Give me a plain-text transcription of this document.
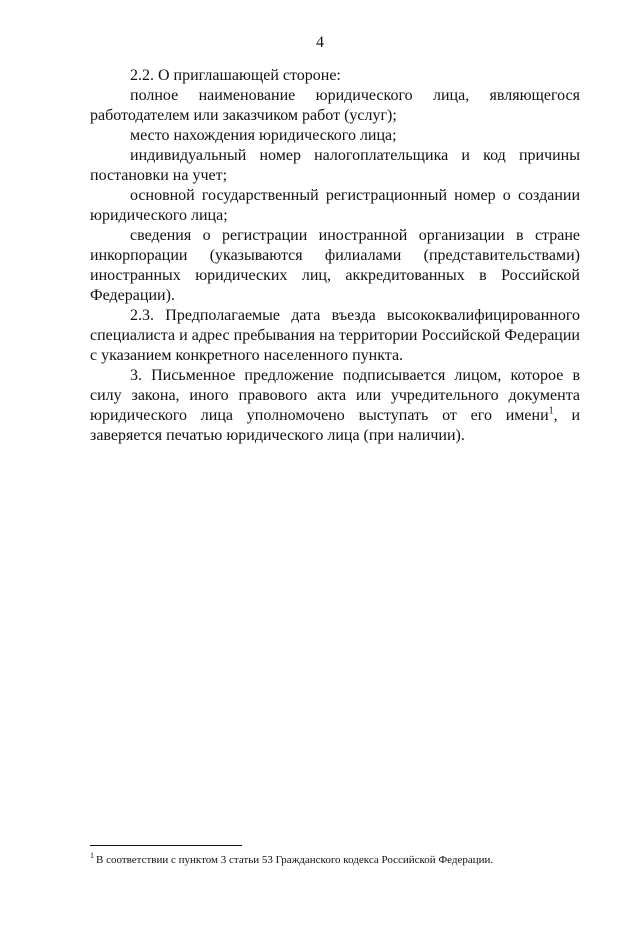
4

2.2. О приглашающей стороне:

полное наименование юридического лица, являющегося работодателем или заказчиком работ (услуг);

место нахождения юридического лица;

индивидуальный номер налогоплательщика и код причины постановки на учет;

основной государственный регистрационный номер о создании юридического лица;

сведения о регистрации иностранной организации в стране инкорпорации (указываются филиалами (представительствами) иностранных юридических лиц, аккредитованных в Российской Федерации).

2.3. Предполагаемые дата въезда высококвалифицированного специалиста и адрес пребывания на территории Российской Федерации с указанием конкретного населенного пункта.

3. Письменное предложение подписывается лицом, которое в силу закона, иного правового акта или учредительного документа юридического лица уполномочено выступать от его имени$^1$, и заверяется печатью юридического лица (при наличии).

$^1$ В соответствии с пунктом 3 статьи 53 Гражданского кодекса Российской Федерации.
